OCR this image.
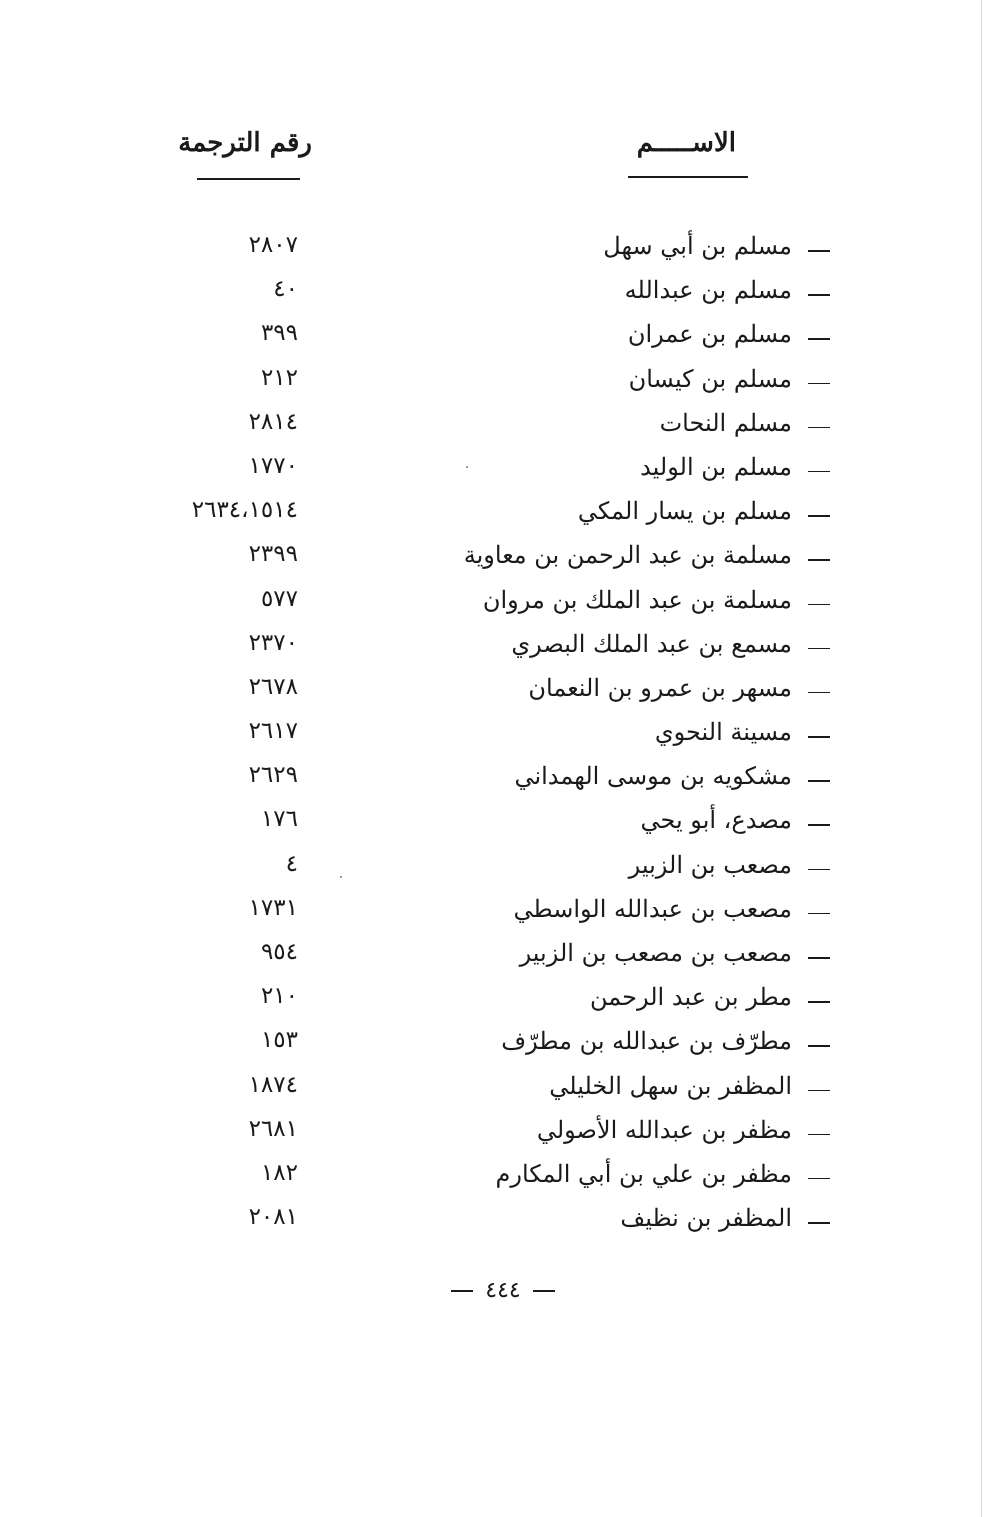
الاســـــم
رقم الترجمة
مسلم بن أبي سهل
٢٨٠٧
مسلم بن عبدالله
٤٠
مسلم بن عمران
٣٩٩
مسلم بن كيسان
٢١٢
مسلم النحات
٢٨١٤
مسلم بن الوليد
١٧٧٠
مسلم بن يسار المكي
٢٦٣٤،١٥١٤
مسلمة بن عبد الرحمن بن معاوية
٢٣٩٩
مسلمة بن عبد الملك بن مروان
٥٧٧
مسمع بن عبد الملك البصري
٢٣٧٠
مسهر بن عمرو بن النعمان
٢٦٧٨
مسينة النحوي
٢٦١٧
مشكويه بن موسى الهمداني
٢٦٢٩
مصدع، أبو يحي
١٧٦
مصعب بن الزبير
٤
مصعب بن عبدالله الواسطي
١٧٣١
مصعب بن مصعب بن الزبير
٩٥٤
مطر بن عبد الرحمن
٢١٠
مطرّف بن عبدالله بن مطرّف
١٥٣
المظفر بن سهل الخليلي
١٨٧٤
مظفر بن عبدالله الأصولي
٢٦٨١
مظفر بن علي بن أبي المكارم
١٨٢
المظفر بن نظيف
٢٠٨١
٤٤٤
